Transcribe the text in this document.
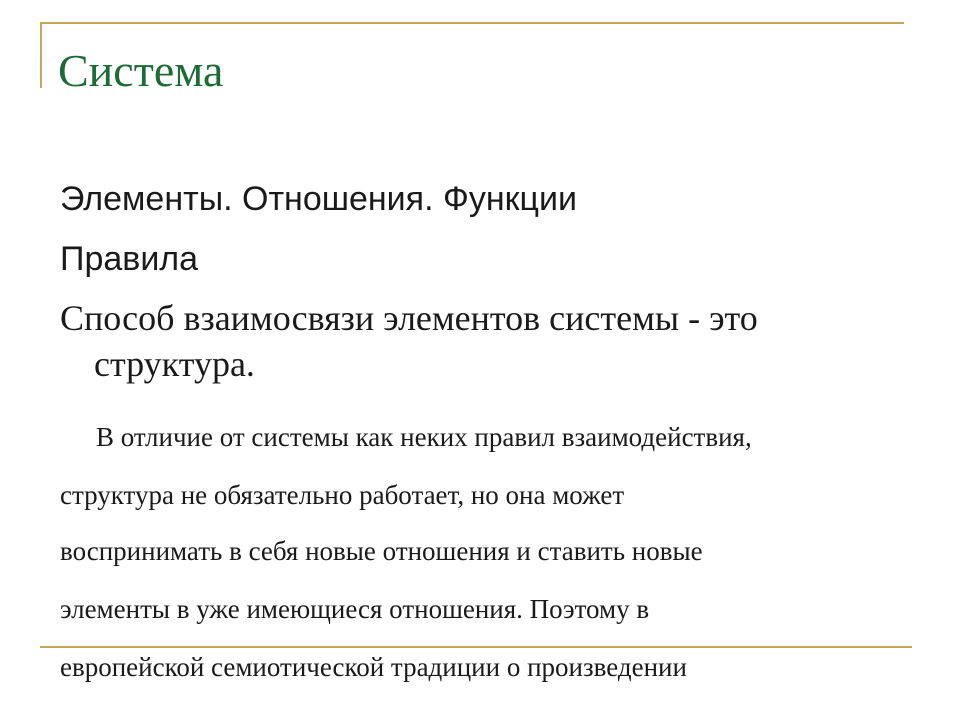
Система
Элементы. Отношения. Функции
Правила
Способ взаимосвязи элементов системы - это
структура.
В отличие от системы как неких правил взаимодействия,
структура не обязательно работает, но она может
воспринимать в себя новые отношения и ставить новые
элементы в уже имеющиеся отношения. Поэтому в
европейской семиотической традиции о произведении
